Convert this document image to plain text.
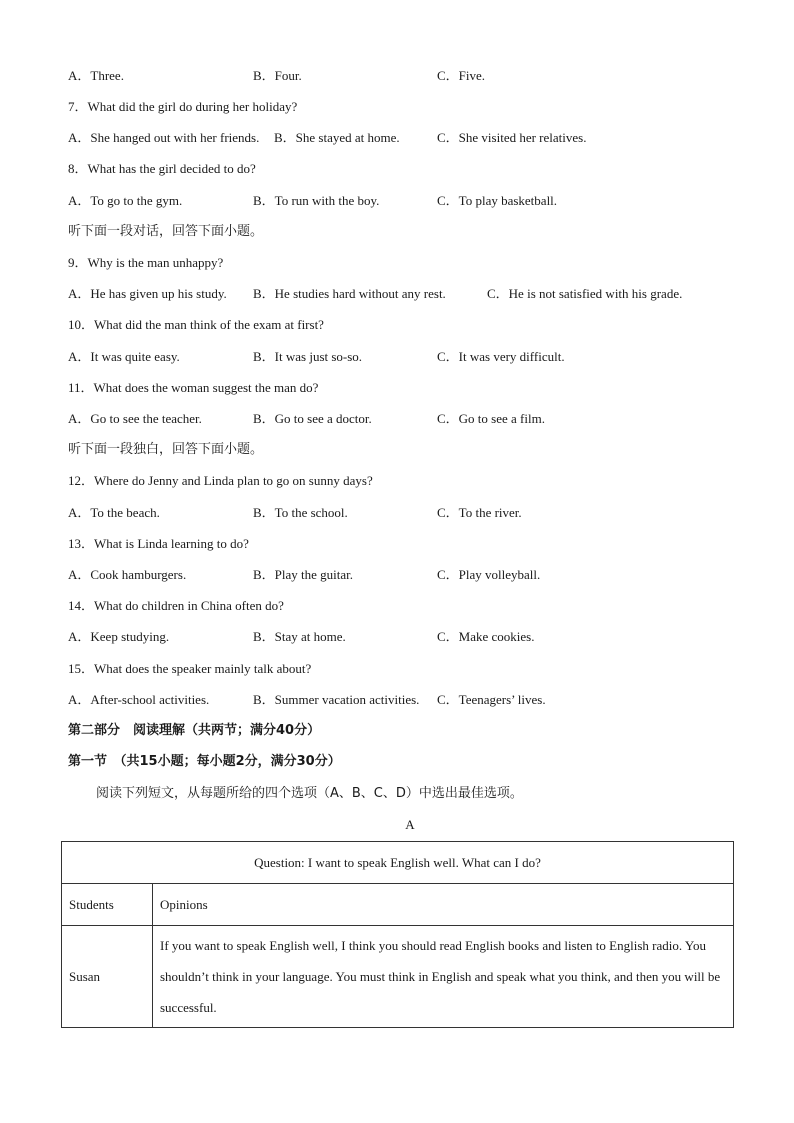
A．Three.	B．Four.	C．Five.
7．What did the girl do during her holiday?
A．She hanged out with her friends. B．She stayed at home.	C．She visited her relatives.
8．What has the girl decided to do?
A．To go to the gym.	B．To run with the boy.	C．To play basketball.
听下面一段对话，回答下面小题。
9．Why is the man unhappy?
A．He has given up his study. B．He studies hard without any rest.	C．He is not satisfied with his grade.
10．What did the man think of the exam at first?
A．It was quite easy.	B．It was just so-so.	C．It was very difficult.
11．What does the woman suggest the man do?
A．Go to see the teacher.	B．Go to see a doctor.	C．Go to see a film.
听下面一段独白，回答下面小题。
12．Where do Jenny and Linda plan to go on sunny days?
A．To the beach.	B．To the school.	C．To the river.
13．What is Linda learning to do?
A．Cook hamburgers.	B．Play the guitar.	C．Play volleyball.
14．What do children in China often do?
A．Keep studying.	B．Stay at home.	C．Make cookies.
15．What does the speaker mainly talk about?
A．After-school activities.	B．Summer vacation activities. C．Teenagers’ lives.
第二部分　阅读理解（共两节；满分40分）
第一节　（共15小题；每小题2分，满分30分）
阅读下列短文，从每题所给的四个选项（A、B、C、D）中选出最佳选项。
A
Question: I want to speak English well. What can I do?	
Students	Opinions
Susan	If you want to speak English well, I think you should read English books and listen to English radio. You shouldn’t think in your language. You must think in English and speak what you think, and then you will be successful.
